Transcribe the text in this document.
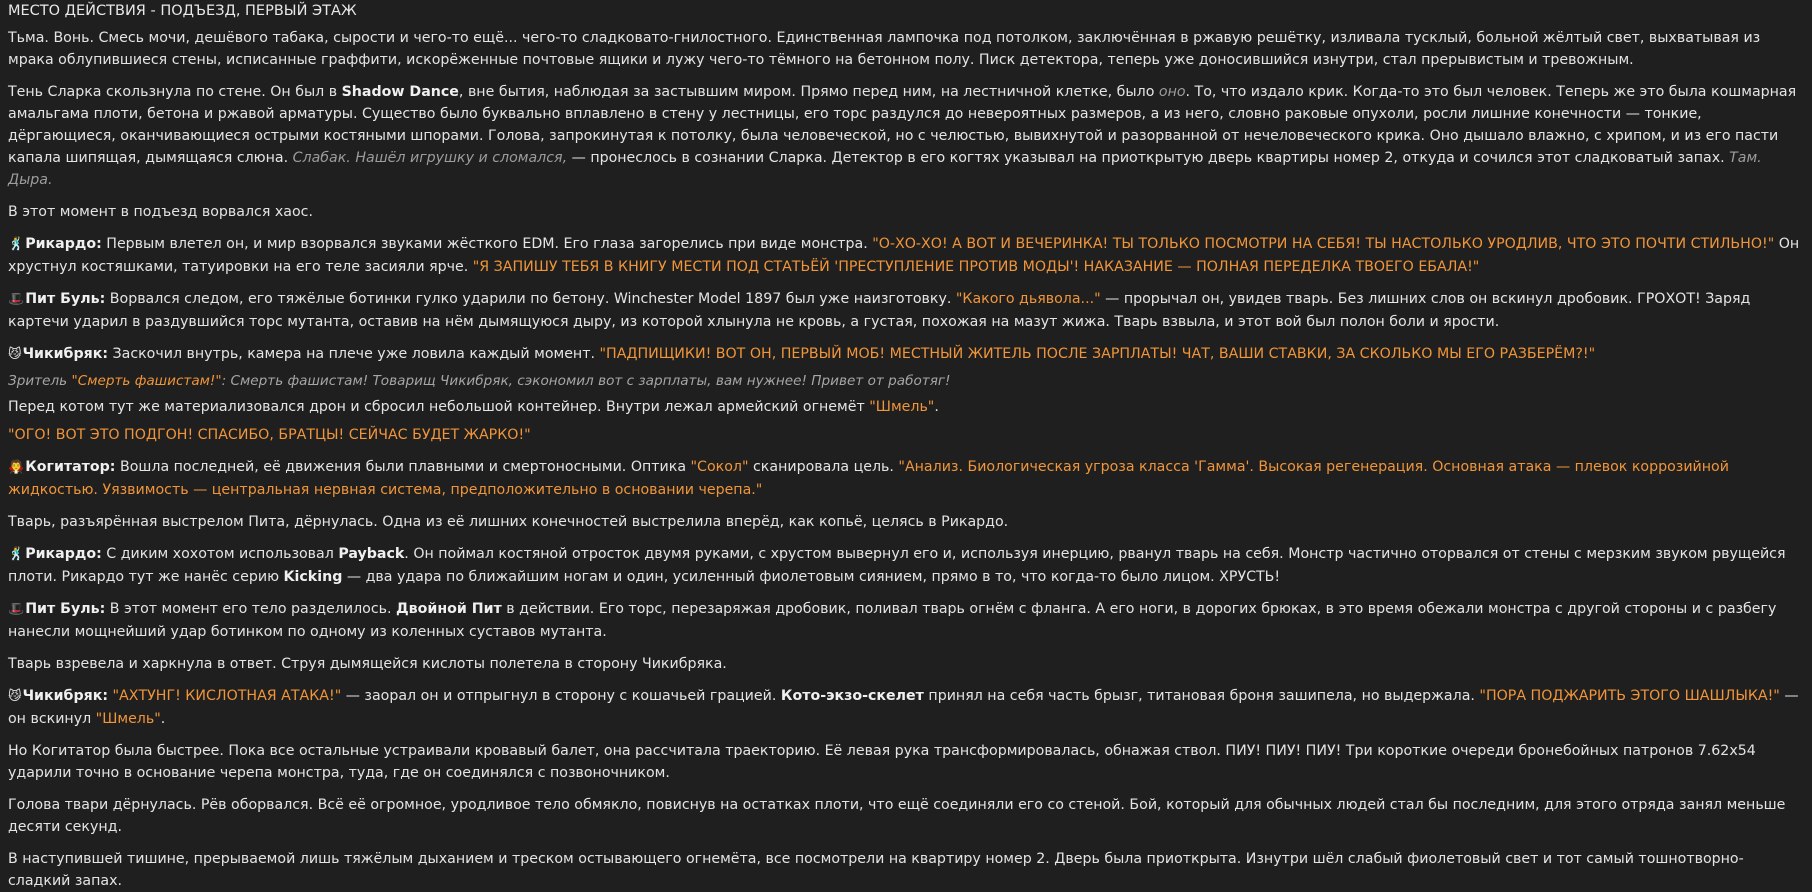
МЕСТО ДЕЙСТВИЯ - ПОДЪЕЗД, ПЕРВЫЙ ЭТАЖ

Тьма. Вонь. Смесь мочи, дешёвого табака, сырости и чего-то ещё... чего-то сладковато-гнилостного. Единственная лампочка под потолком, заключённая в ржавую решётку, изливала тусклый, больной жёлтый свет, выхватывая из мрака облупившиеся стены, исписанные граффити, искорёженные почтовые ящики и лужу чего-то тёмного на бетонном полу. Писк детектора, теперь уже доносившийся изнутри, стал прерывистым и тревожным.

Тень Сларка скользнула по стене. Он был в Shadow Dance, вне бытия, наблюдая за застывшим миром. Прямо перед ним, на лестничной клетке, было оно. То, что издало крик. Когда-то это был человек. Теперь же это была кошмарная амальгама плоти, бетона и ржавой арматуры. Существо было буквально вплавлено в стену у лестницы, его торс раздулся до невероятных размеров, а из него, словно раковые опухоли, росли лишние конечности — тонкие, дёргающиеся, оканчивающиеся острыми костяными шпорами. Голова, запрокинутая к потолку, была человеческой, но с челюстью, вывихнутой и разорванной от нечеловеческого крика. Оно дышало влажно, с хрипом, и из его пасти капала шипящая, дымящаяся слюна. Слабак. Нашёл игрушку и сломался, — пронеслось в сознании Сларка. Детектор в его когтях указывал на приоткрытую дверь квартиры номер 2, откуда и сочился этот сладковатый запах. Там. Дыра.

В этот момент в подъезд ворвался хаос.

🕺Рикардо: Первым влетел он, и мир взорвался звуками жёсткого EDM. Его глаза загорелись при виде монстра. "О-ХО-ХО! А ВОТ И ВЕЧЕРИНКА! ТЫ ТОЛЬКО ПОСМОТРИ НА СЕБЯ! ТЫ НАСТОЛЬКО УРОДЛИВ, ЧТО ЭТО ПОЧТИ СТИЛЬНО!" Он хрустнул костяшками, татуировки на его теле засияли ярче. "Я ЗАПИШУ ТЕБЯ В КНИГУ МЕСТИ ПОД СТАТЬЁЙ 'ПРЕСТУПЛЕНИЕ ПРОТИВ МОДЫ'! НАКАЗАНИЕ — ПОЛНАЯ ПЕРЕДЕЛКА ТВОЕГО ЕБАЛА!"

🎩Пит Буль: Ворвался следом, его тяжёлые ботинки гулко ударили по бетону. Winchester Model 1897 был уже наизготовку. "Какого дьявола..." — прорычал он, увидев тварь. Без лишних слов он вскинул дробовик. ГРОХОТ! Заряд картечи ударил в раздувшийся торс мутанта, оставив на нём дымящуюся дыру, из которой хлынула не кровь, а густая, похожая на мазут жижа. Тварь взвыла, и этот вой был полон боли и ярости.

😼Чикибряк: Заскочил внутрь, камера на плече уже ловила каждый момент. "ПАДПИЩИКИ! ВОТ ОН, ПЕРВЫЙ МОБ! МЕСТНЫЙ ЖИТЕЛЬ ПОСЛЕ ЗАРПЛАТЫ! ЧАТ, ВАШИ СТАВКИ, ЗА СКОЛЬКО МЫ ЕГО РАЗБЕРЁМ?!"

Зритель "Смерть фашистам!": Смерть фашистам! Товарищ Чикибряк, сэкономил вот с зарплаты, вам нужнее! Привет от работяг!

Перед котом тут же материализовался дрон и сбросил небольшой контейнер. Внутри лежал армейский огнемёт "Шмель".

"ОГО! ВОТ ЭТО ПОДГОН! СПАСИБО, БРАТЦЫ! СЕЙЧАС БУДЕТ ЖАРКО!"

🧛Когитатор: Вошла последней, её движения были плавными и смертоносными. Оптика "Сокол" сканировала цель. "Анализ. Биологическая угроза класса 'Гамма'. Высокая регенерация. Основная атака — плевок коррозийной жидкостью. Уязвимость — центральная нервная система, предположительно в основании черепа."

Тварь, разъярённая выстрелом Пита, дёрнулась. Одна из её лишних конечностей выстрелила вперёд, как копьё, целясь в Рикардо.

🕺Рикардо: С диким хохотом использовал Payback. Он поймал костяной отросток двумя руками, с хрустом вывернул его и, используя инерцию, рванул тварь на себя. Монстр частично оторвался от стены с мерзким звуком рвущейся плоти. Рикардо тут же нанёс серию Kicking — два удара по ближайшим ногам и один, усиленный фиолетовым сиянием, прямо в то, что когда-то было лицом. ХРУСТЬ!

🎩Пит Буль: В этот момент его тело разделилось. Двойной Пит в действии. Его торс, перезаряжая дробовик, поливал тварь огнём с фланга. А его ноги, в дорогих брюках, в это время обежали монстра с другой стороны и с разбегу нанесли мощнейший удар ботинком по одному из коленных суставов мутанта.

Тварь взревела и харкнула в ответ. Струя дымящейся кислоты полетела в сторону Чикибряка.

😼Чикибряк: "АХТУНГ! КИСЛОТНАЯ АТАКА!" — заорал он и отпрыгнул в сторону с кошачьей грацией. Кото-экзо-скелет принял на себя часть брызг, титановая броня зашипела, но выдержала. "ПОРА ПОДЖАРИТЬ ЭТОГО ШАШЛЫКА!" — он вскинул "Шмель".

Но Когитатор была быстрее. Пока все остальные устраивали кровавый балет, она рассчитала траекторию. Её левая рука трансформировалась, обнажая ствол. ПИУ! ПИУ! ПИУ! Три короткие очереди бронебойных патронов 7.62x54 ударили точно в основание черепа монстра, туда, где он соединялся с позвоночником.

Голова твари дёрнулась. Рёв оборвался. Всё её огромное, уродливое тело обмякло, повиснув на остатках плоти, что ещё соединяли его со стеной. Бой, который для обычных людей стал бы последним, для этого отряда занял меньше десяти секунд.

В наступившей тишине, прерываемой лишь тяжёлым дыханием и треском остывающего огнемёта, все посмотрели на квартиру номер 2. Дверь была приоткрыта. Изнутри шёл слабый фиолетовый свет и тот самый тошнотворно-сладкий запах.
